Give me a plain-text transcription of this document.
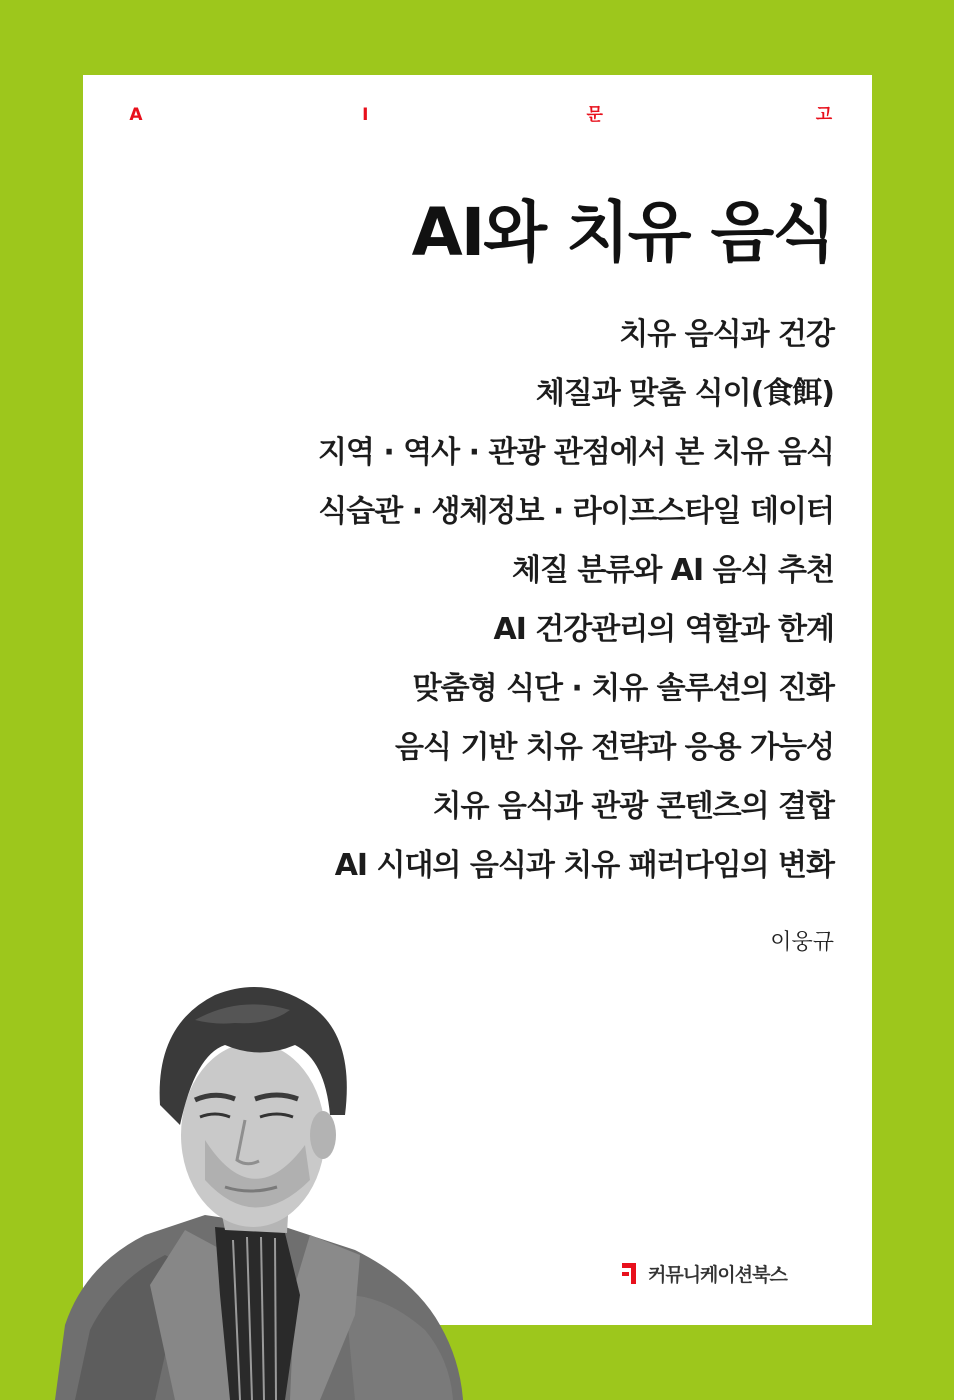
A	I	문	고
AI와 치유 음식
치유 음식과 건강
체질과 맞춤 식이(食餌)
지역 · 역사 · 관광 관점에서 본 치유 음식
식습관 · 생체정보 · 라이프스타일 데이터
체질 분류와 AI 음식 추천
AI 건강관리의 역할과 한계
맞춤형 식단 · 치유 솔루션의 진화
음식 기반 치유 전략과 응용 가능성
치유 음식과 관광 콘텐츠의 결합
AI 시대의 음식과 치유 패러다임의 변화
이웅규
커뮤니케이션북스
